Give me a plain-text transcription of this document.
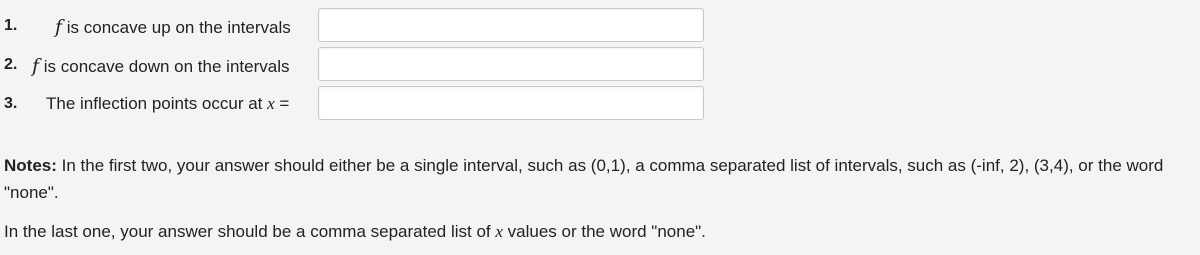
1. f is concave up on the intervals
2. f is concave down on the intervals
3. The inflection points occur at x =
Notes: In the first two, your answer should either be a single interval, such as (0,1), a comma separated list of intervals, such as (-inf, 2), (3,4), or the word "none".
In the last one, your answer should be a comma separated list of x values or the word "none".
